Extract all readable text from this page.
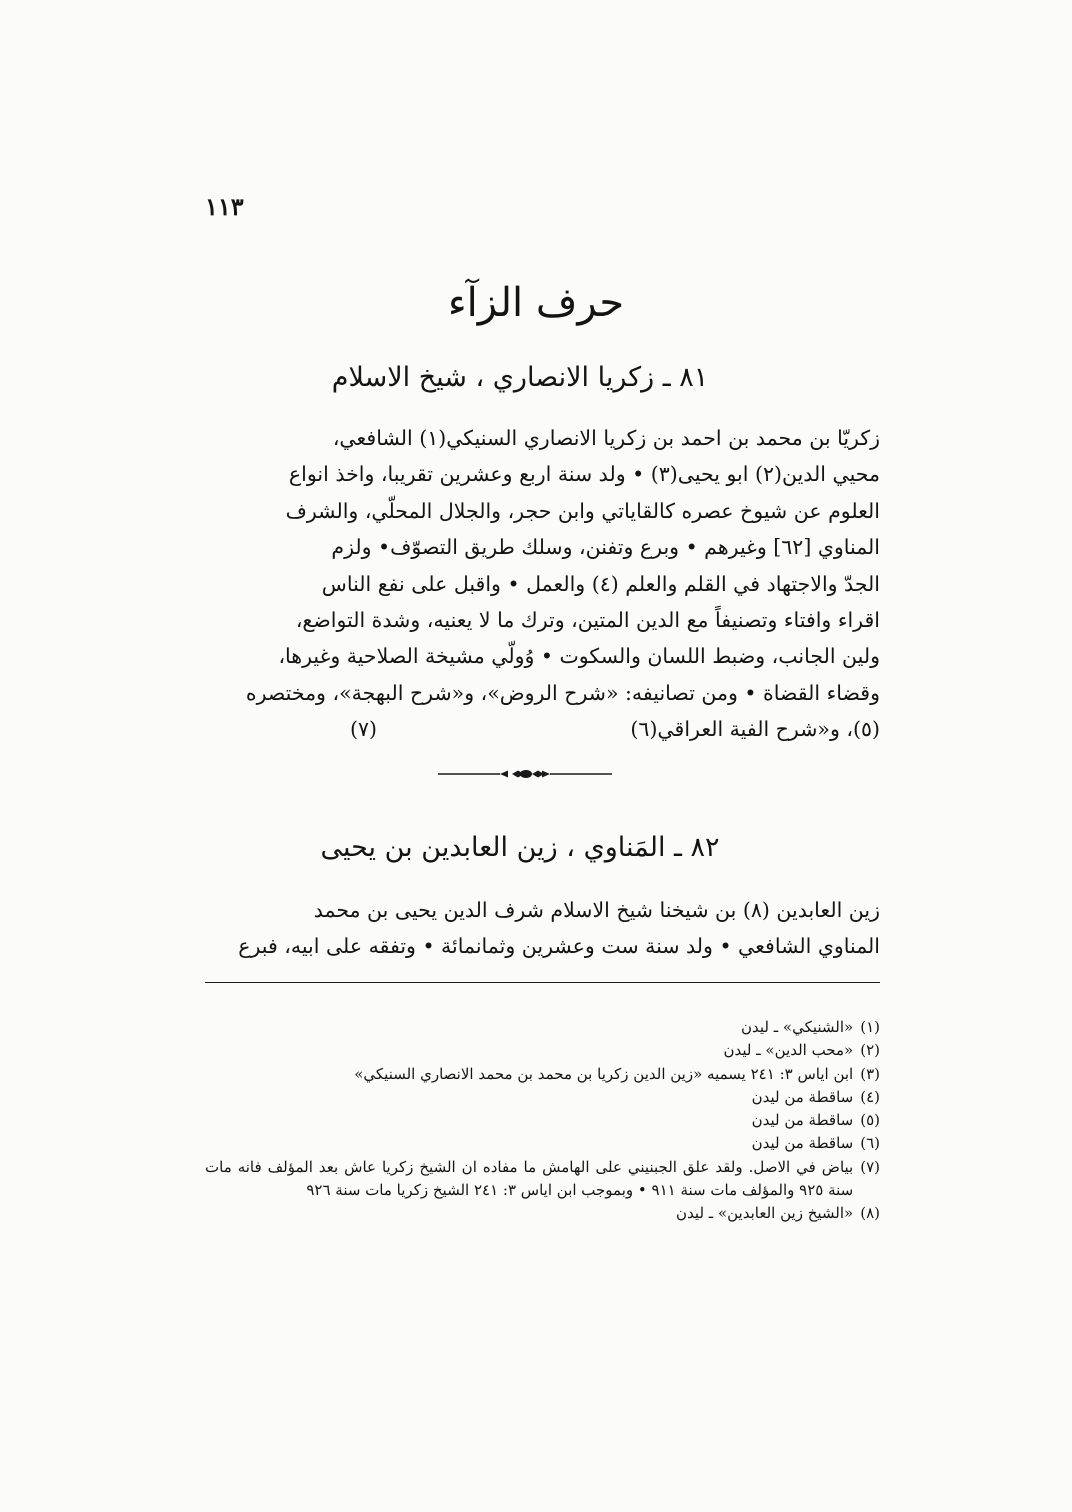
١١٣
حرف الزآء
٨١ ـ زكريا الانصاري ، شيخ الاسلام

زكريّا بن محمد بن احمد بن زكريا الانصاري السنيكي(١) الشافعي،

محيي الدين(٢) ابو يحيى(٣) • ولد سنة اربع وعشرين تقريبا، واخذ انواع

العلوم عن شيوخ عصره كالقاياتي وابن حجر، والجلال المحلّي، والشرف

المناوي [٦٢] وغيرهم • وبرع وتفنن، وسلك طريق التصوّف• ولزم

الجدّ والاجتهاد في القلم والعلم (٤) والعمل • واقبل على نفع الناس

اقراء وافتاء وتصنيفاً مع الدين المتين، وترك ما لا يعنيه، وشدة التواضع،

ولين الجانب، وضبط اللسان والسكوت • وُولّي مشيخة الصلاحية وغيرها،

وقضاء القضاة • ومن تصانيفه: «شرح الروض»، و«شرح البهجة»، ومختصره

(٥)، و«شرح الفية العراقي(٦)
(٧)
٨٢ ـ المَناوي ، زين العابدين بن يحيى

زين العابدين (٨) بن شيخنا شيخ الاسلام شرف الدين يحيى بن محمد

المناوي الشافعي • ولد سنة ست وعشرين وثمانمائة • وتفقه على ابيه، فبرع

(١)
«الشنيكي» ـ ليدن
(٢)
«محب الدين» ـ ليدن
(٣)
ابن اياس ٣: ٢٤١ يسميه «زين الدين زكريا بن محمد بن محمد الانصاري السنيكي»
(٤)
ساقطة من ليدن
(٥)
ساقطة من ليدن
(٦)
ساقطة من ليدن
(٧)
بياض في الاصل. ولقد علق الجبنيني على الهامش ما مفاده ان الشيخ زكريا عاش بعد المؤلف فانه مات سنة ٩٢٥ والمؤلف مات سنة ٩١١ • وبموجب ابن اياس ٣: ٢٤١ الشيخ زكريا مات سنة ٩٢٦
(٨)
«الشيخ زين العابدين» ـ ليدن
